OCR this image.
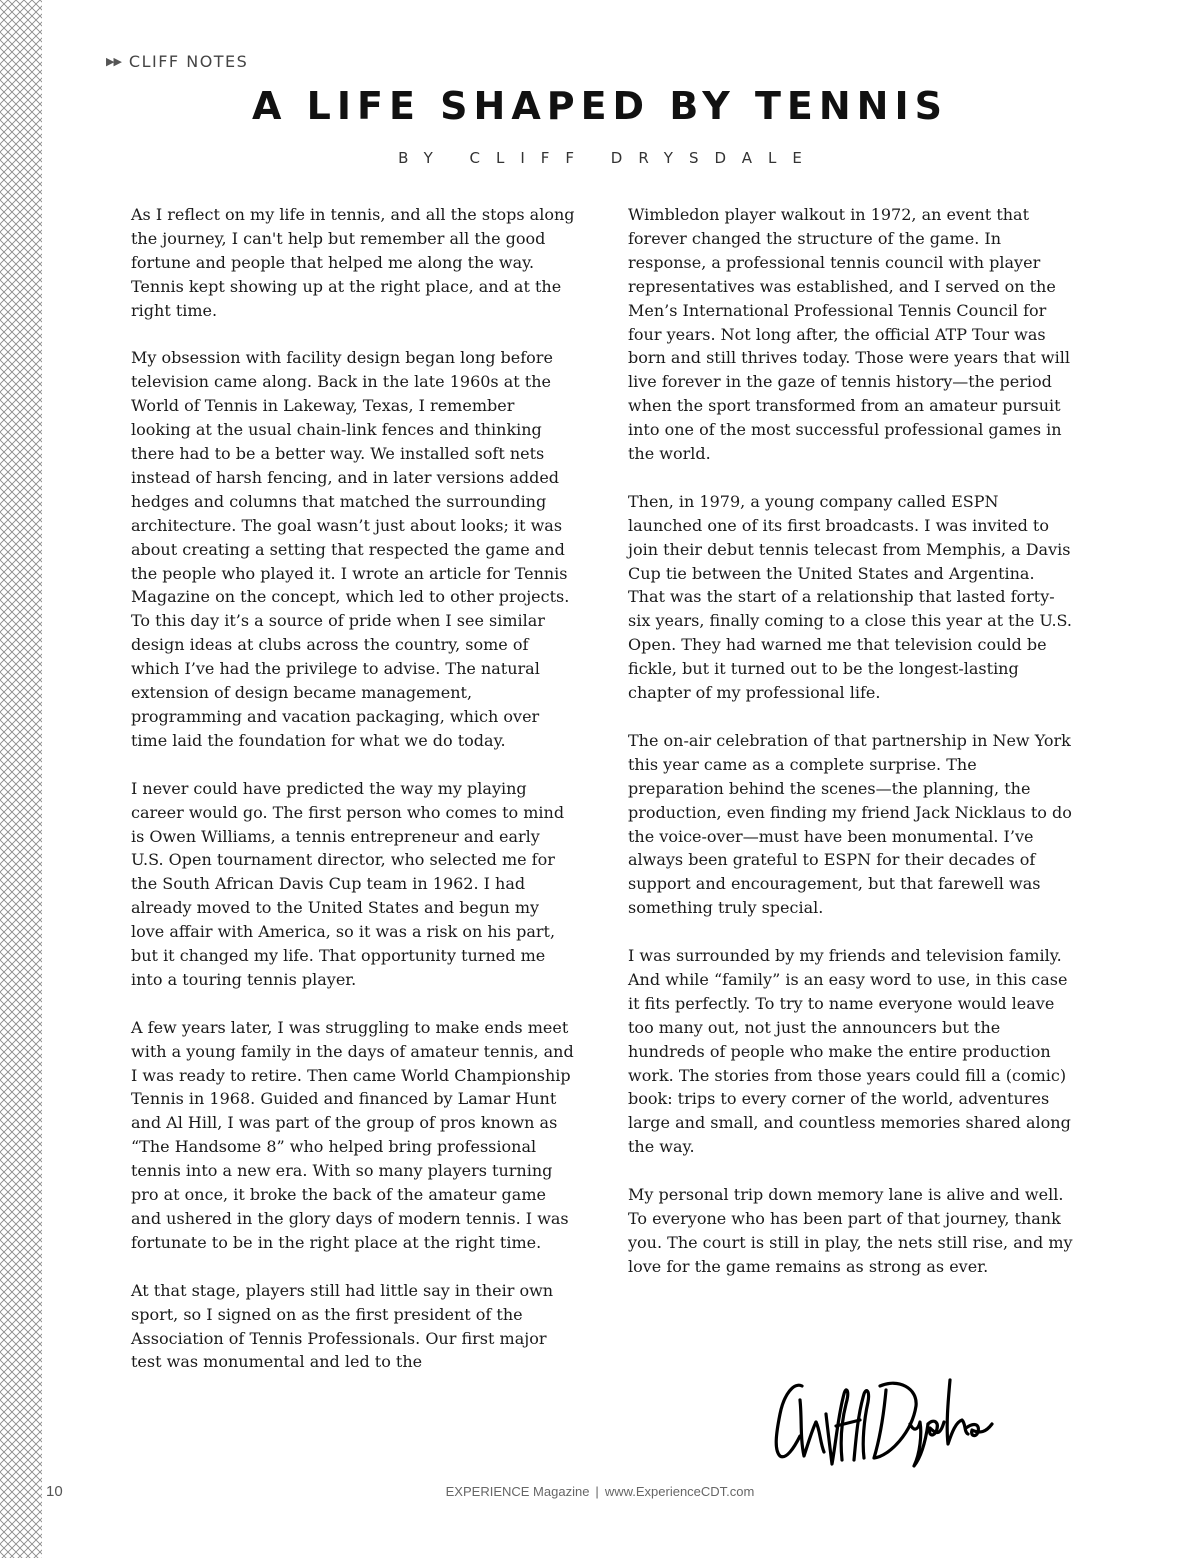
▶▶ CLIFF NOTES
A LIFE SHAPED BY TENNIS
BY CLIFF DRYSDALE

As I reflect on my life in tennis, and all the stops along the journey, I can't help but remember all the good fortune and people that helped me along the way. Tennis kept showing up at the right place, and at the right time.

My obsession with facility design began long before television came along. Back in the late 1960s at the World of Tennis in Lakeway, Texas, I remember looking at the usual chain-link fences and thinking there had to be a better way. We installed soft nets instead of harsh fencing, and in later versions added hedges and columns that matched the surrounding architecture. The goal wasn’t just about looks; it was about creating a setting that respected the game and the people who played it. I wrote an article for Tennis Magazine on the concept, which led to other projects. To this day it’s a source of pride when I see similar design ideas at clubs across the country, some of which I’ve had the privilege to advise. The natural extension of design became management, programming and vacation packaging, which over time laid the foundation for what we do today.

I never could have predicted the way my playing career would go. The first person who comes to mind is Owen Williams, a tennis entrepreneur and early U.S. Open tournament director, who selected me for the South African Davis Cup team in 1962. I had already moved to the United States and begun my love affair with America, so it was a risk on his part, but it changed my life. That opportunity turned me into a touring tennis player.

A few years later, I was struggling to make ends meet with a young family in the days of amateur tennis, and I was ready to retire. Then came World Championship Tennis in 1968. Guided and financed by Lamar Hunt and Al Hill, I was part of the group of pros known as “The Handsome 8” who helped bring professional tennis into a new era. With so many players turning pro at once, it broke the back of the amateur game and ushered in the glory days of modern tennis. I was fortunate to be in the right place at the right time.

At that stage, players still had little say in their own sport, so I signed on as the first president of the Association of Tennis Professionals. Our first major test was monumental and led to the

Wimbledon player walkout in 1972, an event that forever changed the structure of the game. In response, a professional tennis council with player representatives was established, and I served on the Men’s International Professional Tennis Council for four years. Not long after, the official ATP Tour was born and still thrives today. Those were years that will live forever in the gaze of tennis history—the period when the sport transformed from an amateur pursuit into one of the most successful professional games in the world.

Then, in 1979, a young company called ESPN launched one of its first broadcasts. I was invited to join their debut tennis telecast from Memphis, a Davis Cup tie between the United States and Argentina. That was the start of a relationship that lasted forty-six years, finally coming to a close this year at the U.S. Open. They had warned me that television could be fickle, but it turned out to be the longest-lasting chapter of my professional life.

The on-air celebration of that partnership in New York this year came as a complete surprise. The preparation behind the scenes—the planning, the production, even finding my friend Jack Nicklaus to do the voice-over—must have been monumental. I’ve always been grateful to ESPN for their decades of support and encouragement, but that farewell was something truly special.

I was surrounded by my friends and television family. And while “family” is an easy word to use, in this case it fits perfectly. To try to name everyone would leave too many out, not just the announcers but the hundreds of people who make the entire production work. The stories from those years could fill a (comic) book: trips to every corner of the world, adventures large and small, and countless memories shared along the way.

My personal trip down memory lane is alive and well. To everyone who has been part of that journey, thank you. The court is still in play, the nets still rise, and my love for the game remains as strong as ever.

10	EXPERIENCE Magazine | www.ExperienceCDT.com
